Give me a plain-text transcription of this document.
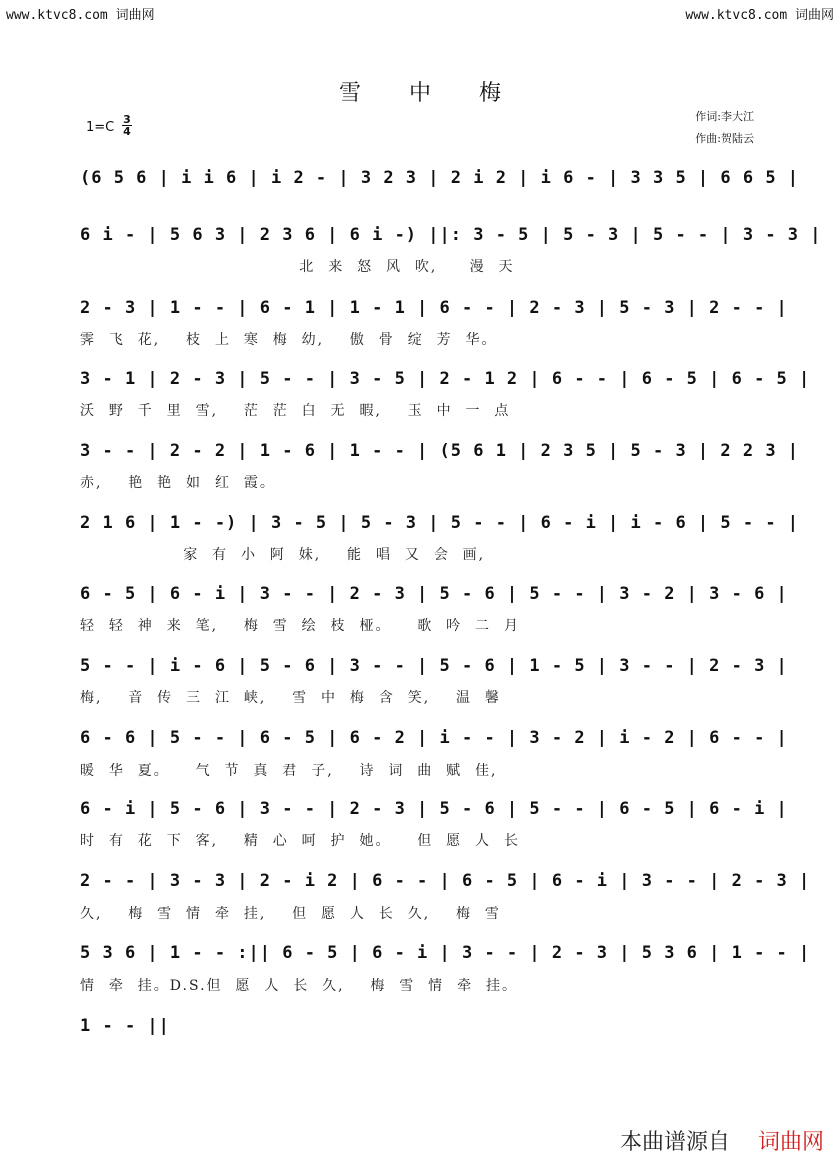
www.ktvc8.com 词曲网	www.ktvc8.com 词曲网
雪中梅
1=C
3
4
作词:李大江
作曲:贺陆云
(6 5 6 | i i 6 | i 2 - | 3 2 3 | 2 i 2 | i 6 - | 3 3 5 | 6 6 5 |
6 i - | 5 6 3 | 2 3 6 | 6 i -) ||: 3 - 5 | 5 - 3 | 5 - - | 3 - 3 |
北  来  怒  风  吹,     漫  天
2 - 3 | 1 - - | 6 - 1 | 1 - 1 | 6 - - | 2 - 3 | 5 - 3 | 2 - - |
霁  飞  花,    枝  上  寒  梅  幼,    傲  骨  绽  芳  华。
3 - 1 | 2 - 3 | 5 - - | 3 - 5 | 2 - 1 2 | 6 - - | 6 - 5 | 6 - 5 |
沃  野  千  里  雪,    茫  茫  白  无  暇,    玉  中  一  点
3 - - | 2 - 2 | 1 - 6 | 1 - - | (5 6 1 | 2 3 5 | 5 - 3 | 2 2 3 |
赤,    艳  艳  如  红  霞。
2 1 6 | 1 - -) | 3 - 5 | 5 - 3 | 5 - - | 6 - i | i - 6 | 5 - - |
家  有  小  阿  妹,    能  唱  又  会  画,
6 - 5 | 6 - i | 3 - - | 2 - 3 | 5 - 6 | 5 - - | 3 - 2 | 3 - 6 |
轻  轻  神  来  笔,    梅  雪  绘  枝  桠。    歌  吟  二  月
5 - - | i - 6 | 5 - 6 | 3 - - | 5 - 6 | 1 - 5 | 3 - - | 2 - 3 |
梅,    音  传  三  江  峡,    雪  中  梅  含  笑,    温  馨
6 - 6 | 5 - - | 6 - 5 | 6 - 2 | i - - | 3 - 2 | i - 2 | 6 - - |
暖  华  夏。    气  节  真  君  子,    诗  词  曲  赋  佳,
6 - i | 5 - 6 | 3 - - | 2 - 3 | 5 - 6 | 5 - - | 6 - 5 | 6 - i |
时  有  花  下  客,    精  心  呵  护  她。    但  愿  人  长
2 - - | 3 - 3 | 2 - i 2 | 6 - - | 6 - 5 | 6 - i | 3 - - | 2 - 3 |
久,    梅  雪  情  牵  挂,    但  愿  人  长  久,    梅  雪
5 3 6 | 1 - - :|| 6 - 5 | 6 - i | 3 - - | 2 - 3 | 5 3 6 | 1 - - |
情  牵  挂。D.S.但  愿  人  长  久,    梅  雪  情  牵  挂。
1 - - ||
本曲谱源自 词曲网
